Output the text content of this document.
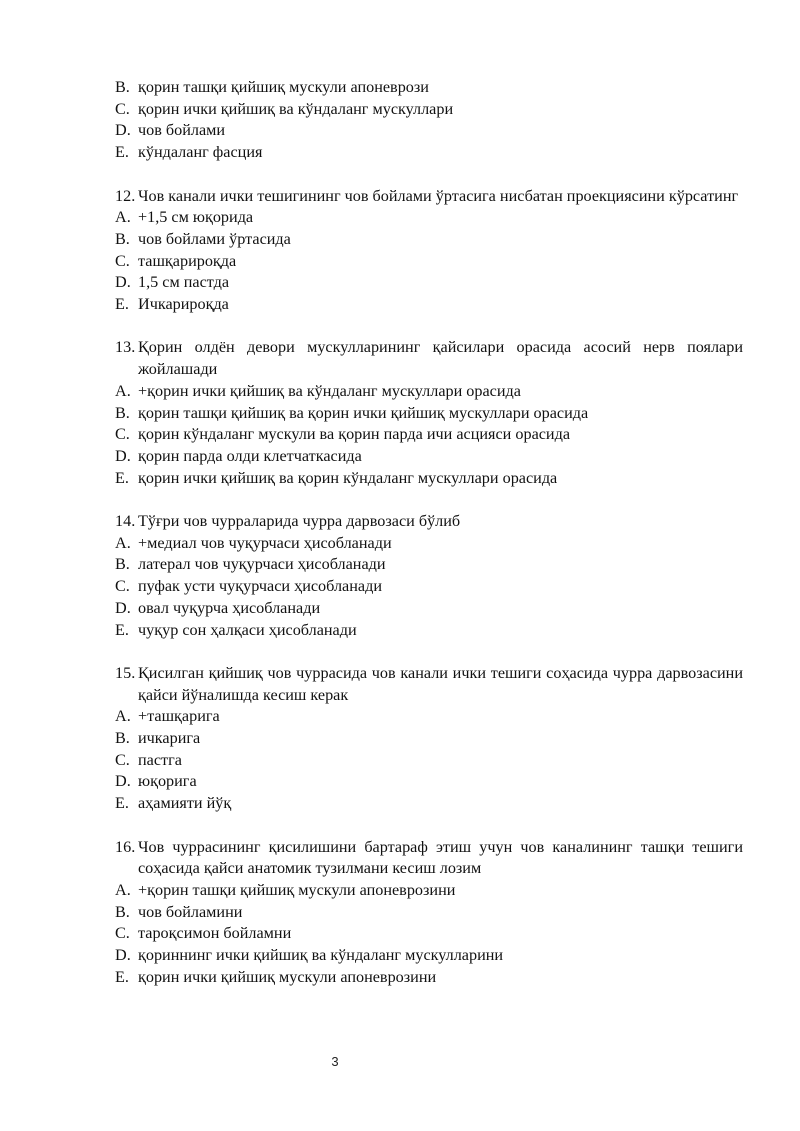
B. қорин ташқи қийшиқ мускули апоневрози
C. қорин ички қийшиқ ва кўндаланг мускуллари
D. чов бойлами
E. кўндаланг фасция
12. Чов канали ички тешигининг чов бойлами ўртасига нисбатан проекциясини кўрсатинг
A. +1,5 см юқорида
B. чов бойлами ўртасида
C. ташқарироқда
D. 1,5 см пастда
E. Ичкарироқда
13. Қорин олдён девори мускулларининг қайсилари орасида асосий нерв поялари жойлашади
A. +қорин ички қийшиқ ва кўндаланг мускуллари орасида
B. қорин ташқи қийшиқ ва қорин ички қийшиқ мускуллари орасида
C. қорин кўндаланг мускули ва қорин парда ичи асцияси орасида
D. қорин парда олди клетчаткасида
E. қорин ички қийшиқ ва қорин кўндаланг мускуллари орасида
14. Тўғри чов чурраларида чурра дарвозаси бўлиб
A. +медиал чов чуқурчаси ҳисобланади
B. латерал чов чуқурчаси ҳисобланади
C. пуфак усти чуқурчаси ҳисобланади
D. овал чуқурча ҳисобланади
E. чуқур сон ҳалқаси ҳисобланади
15. Қисилган қийшиқ чов чуррасида чов канали ички тешиги соҳасида чурра дарвозасини қайси йўналишда кесиш керак
A. +ташқарига
B. ичкарига
C. пастга
D. юқорига
E. аҳамияти йўқ
16. Чов чуррасининг қисилишини бартараф этиш учун чов каналининг ташқи тешиги соҳасида қайси анатомик тузилмани кесиш лозим
A. +қорин ташқи қийшиқ мускули апоневрозини
B. чов бойламини
C. тароқсимон бойламни
D. қориннинг ички қийшиқ ва кўндаланг мускулларини
E. қорин ички қийшиқ мускули апоневрозини
3
